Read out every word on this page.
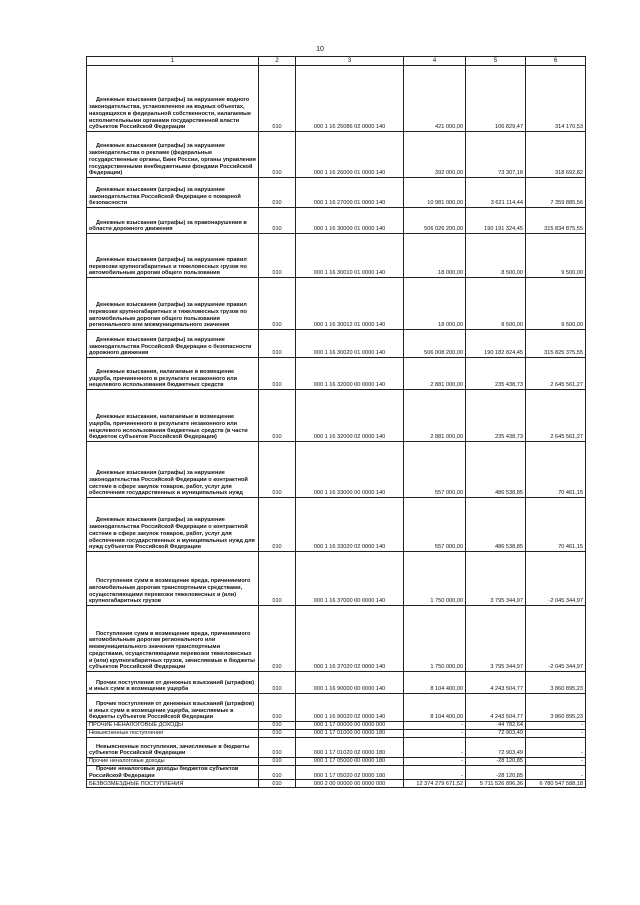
10
1	2	3	4	5	6
Денежные взыскания (штрафы) за нарушение водного законодательства, установленное на водных объектах, находящихся в федеральной собственности, налагаемые исполнительными органами государственной власти субъектов Российской Федерации	010	000 1 16 25086 02 0000 140	421 000,00	106 829,47	314 170,53
Денежные взыскания (штрафы) за нарушение законодательства о рекламе (федеральные государственные органы, Банк России, органы управления государственными внебюджетными фондами Российской Федерации)	010	000 1 16 26000 01 0000 140	392 000,00	73 307,18	318 692,82
Денежные взыскания (штрафы) за нарушение законодательства Российской Федерации о пожарной безопасности	010	000 1 16 27000 01 0000 140	10 981 000,00	3 621 114,44	7 359 885,56
Денежные взыскания (штрафы) за правонарушения в области дорожного движения	010	000 1 16 30000 01 0000 140	506 026 200,00	190 191 324,45	315 834 875,55
Денежные взыскания (штрафы) за нарушение правил перевозки крупногабаритных и тяжеловесных грузов по автомобильным дорогам общего пользования	010	000 1 16 30010 01 0000 140	18 000,00	8 500,00	9 500,00
Денежные взыскания (штрафы) за нарушение правил перевозки крупногабаритных и тяжеловесных грузов по автомобильным дорогам общего пользования регионального или межмуниципального значения	010	000 1 16 30012 01 0000 140	18 000,00	8 500,00	9 500,00
Денежные взыскания (штрафы) за нарушение законодательства Российской Федерации о безопасности дорожного движения	010	000 1 16 30020 01 0000 140	506 008 200,00	190 182 824,45	315 825 375,55
Денежные взыскания, налагаемые в возмещение ущерба, причиненного в результате незаконного или нецелевого использования бюджетных средств	010	000 1 16 32000 00 0000 140	2 881 000,00	235 438,73	2 645 561,27
Денежные взыскания, налагаемые в возмещение ущерба, причиненного в результате незаконного или нецелевого использования бюджетных средств (в части бюджетов субъектов Российской Федерации)	010	000 1 16 32000 02 0000 140	2 881 000,00	235 438,73	2 645 561,27
Денежные взыскания (штрафы) за нарушение законодательства Российской Федерации о контрактной системе в сфере закупок товаров, работ, услуг для обеспечения государственных и муниципальных нужд	010	000 1 16 33000 00 0000 140	557 000,00	486 538,85	70 461,15
Денежные взыскания (штрафы) за нарушение законодательства Российской Федерации о контрактной системе в сфере закупок товаров, работ, услуг для обеспечения государственных и муниципальных нужд для нужд субъектов Российской Федерации	010	000 1 16 33020 02 0000 140	557 000,00	486 538,85	70 461,15
Поступления сумм в возмещение вреда, причиняемого автомобильным дорогам транспортными средствами, осуществляющими перевозки тяжеловесных и (или) крупногабаритных грузов	010	000 1 16 37000 00 0000 140	1 750 000,00	3 795 344,97	-2 045 344,97
Поступления сумм в возмещение вреда, причиняемого автомобильным дорогам регионального или межмуниципального значения транспортными средствами, осуществляющими перевозки тяжеловесных и (или) крупногабаритных грузов, зачисляемые в бюджеты субъектов Российской Федерации	010	000 1 16 37020 02 0000 140	1 750 000,00	3 795 344,97	-2 045 344,97
Прочие поступления от денежных взысканий (штрафов) и иных сумм в возмещение ущерба	010	000 1 16 90000 00 0000 140	8 104 400,00	4 243 504,77	3 860 895,23
Прочие поступления от денежных взысканий (штрафов) и иных сумм в возмещение ущерба, зачисляемые в бюджеты субъектов Российской Федерации	010	000 1 16 90020 02 0000 140	8 104 400,00	4 243 504,77	3 860 895,23
ПРОЧИЕ НЕНАЛОГОВЫЕ ДОХОДЫ	010	000 1 17 00000 00 0000 000	-	44 782,64	-
Невыясненные поступления	010	000 1 17 01000 00 0000 180	-	72 903,49	-
Невыясненные поступления, зачисляемые в бюджеты субъектов Российской Федерации	010	000 1 17 01020 02 0000 180	-	72 903,49	-
Прочие неналоговые доходы	010	000 1 17 05000 00 0000 180	-	-28 120,85	-
Прочие неналоговые доходы бюджетов субъектов Российской Федерации	010	000 1 17 05020 02 0000 180	-	-28 120,85	-
БЕЗВОЗМЕЗДНЫЕ ПОСТУПЛЕНИЯ	010	000 2 00 00000 00 0000 000	12 374 279 671,52	5 711 526 896,36	6 780 547 588,18
